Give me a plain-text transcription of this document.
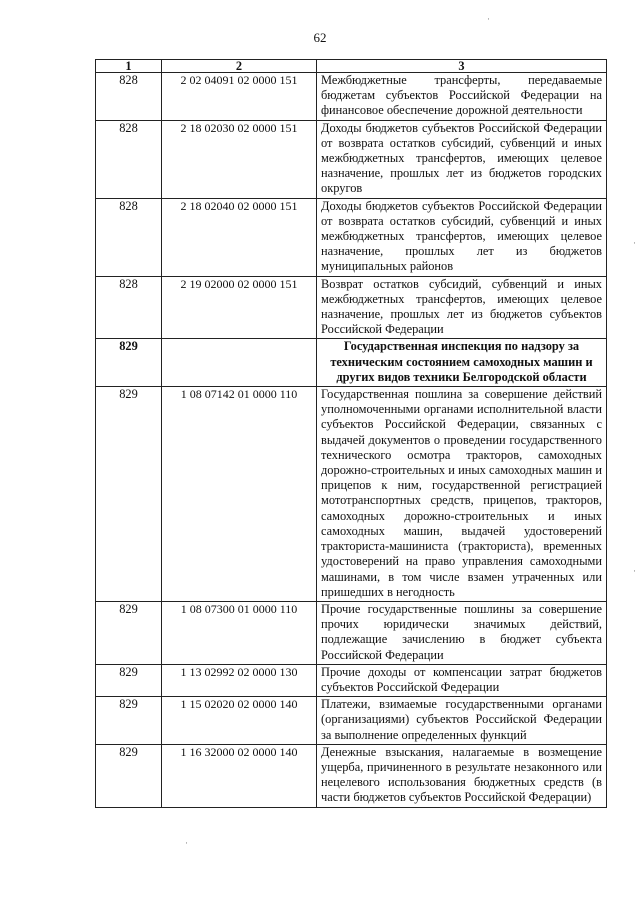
62
·
·
·
·
1	2	3
828	2 02 04091 02 0000 151	Межбюджетные трансферты, передаваемые бюджетам субъектов Российской Федерации на финансовое обеспечение дорожной деятельности
828	2 18 02030 02 0000 151	Доходы бюджетов субъектов Российской Федерации от возврата остатков субсидий, субвенций и иных межбюджетных трансфертов, имеющих целевое назначение, прошлых лет из бюджетов городских округов
828	2 18 02040 02 0000 151	Доходы бюджетов субъектов Российской Федерации от возврата остатков субсидий, субвенций и иных межбюджетных трансфертов, имеющих целевое назначение, прошлых лет из бюджетов муниципальных районов
828	2 19 02000 02 0000 151	Возврат остатков субсидий, субвенций и иных межбюджетных трансфертов, имеющих целевое назначение, прошлых лет из бюджетов субъектов Российской Федерации
829		Государственная инспекция по надзору за техническим состоянием самоходных машин и других видов техники Белгородской области
829	1 08 07142 01 0000 110	Государственная пошлина за совершение действий уполномоченными органами исполнительной власти субъектов Российской Федерации, связанных с выдачей документов о проведении государственного технического осмотра тракторов, самоходных дорожно-строительных и иных самоходных машин и прицепов к ним, государственной регистрацией мототранспортных средств, прицепов, тракторов, самоходных дорожно-строительных и иных самоходных машин, выдачей удостоверений тракториста-машиниста (тракториста), временных удостоверений на право управления самоходными машинами, в том числе взамен утраченных или пришедших в негодность
829	1 08 07300 01 0000 110	Прочие государственные пошлины за совершение прочих юридически значимых действий, подлежащие зачислению в бюджет субъекта Российской Федерации
829	1 13 02992 02 0000 130	Прочие доходы от компенсации затрат бюджетов субъектов Российской Федерации
829	1 15 02020 02 0000 140	Платежи, взимаемые государственными органами (организациями) субъектов Российской Федерации за выполнение определенных функций
829	1 16 32000 02 0000 140	Денежные взыскания, налагаемые в возмещение ущерба, причиненного в результате незаконного или нецелевого использования бюджетных средств (в части бюджетов субъектов Российской Федерации)
